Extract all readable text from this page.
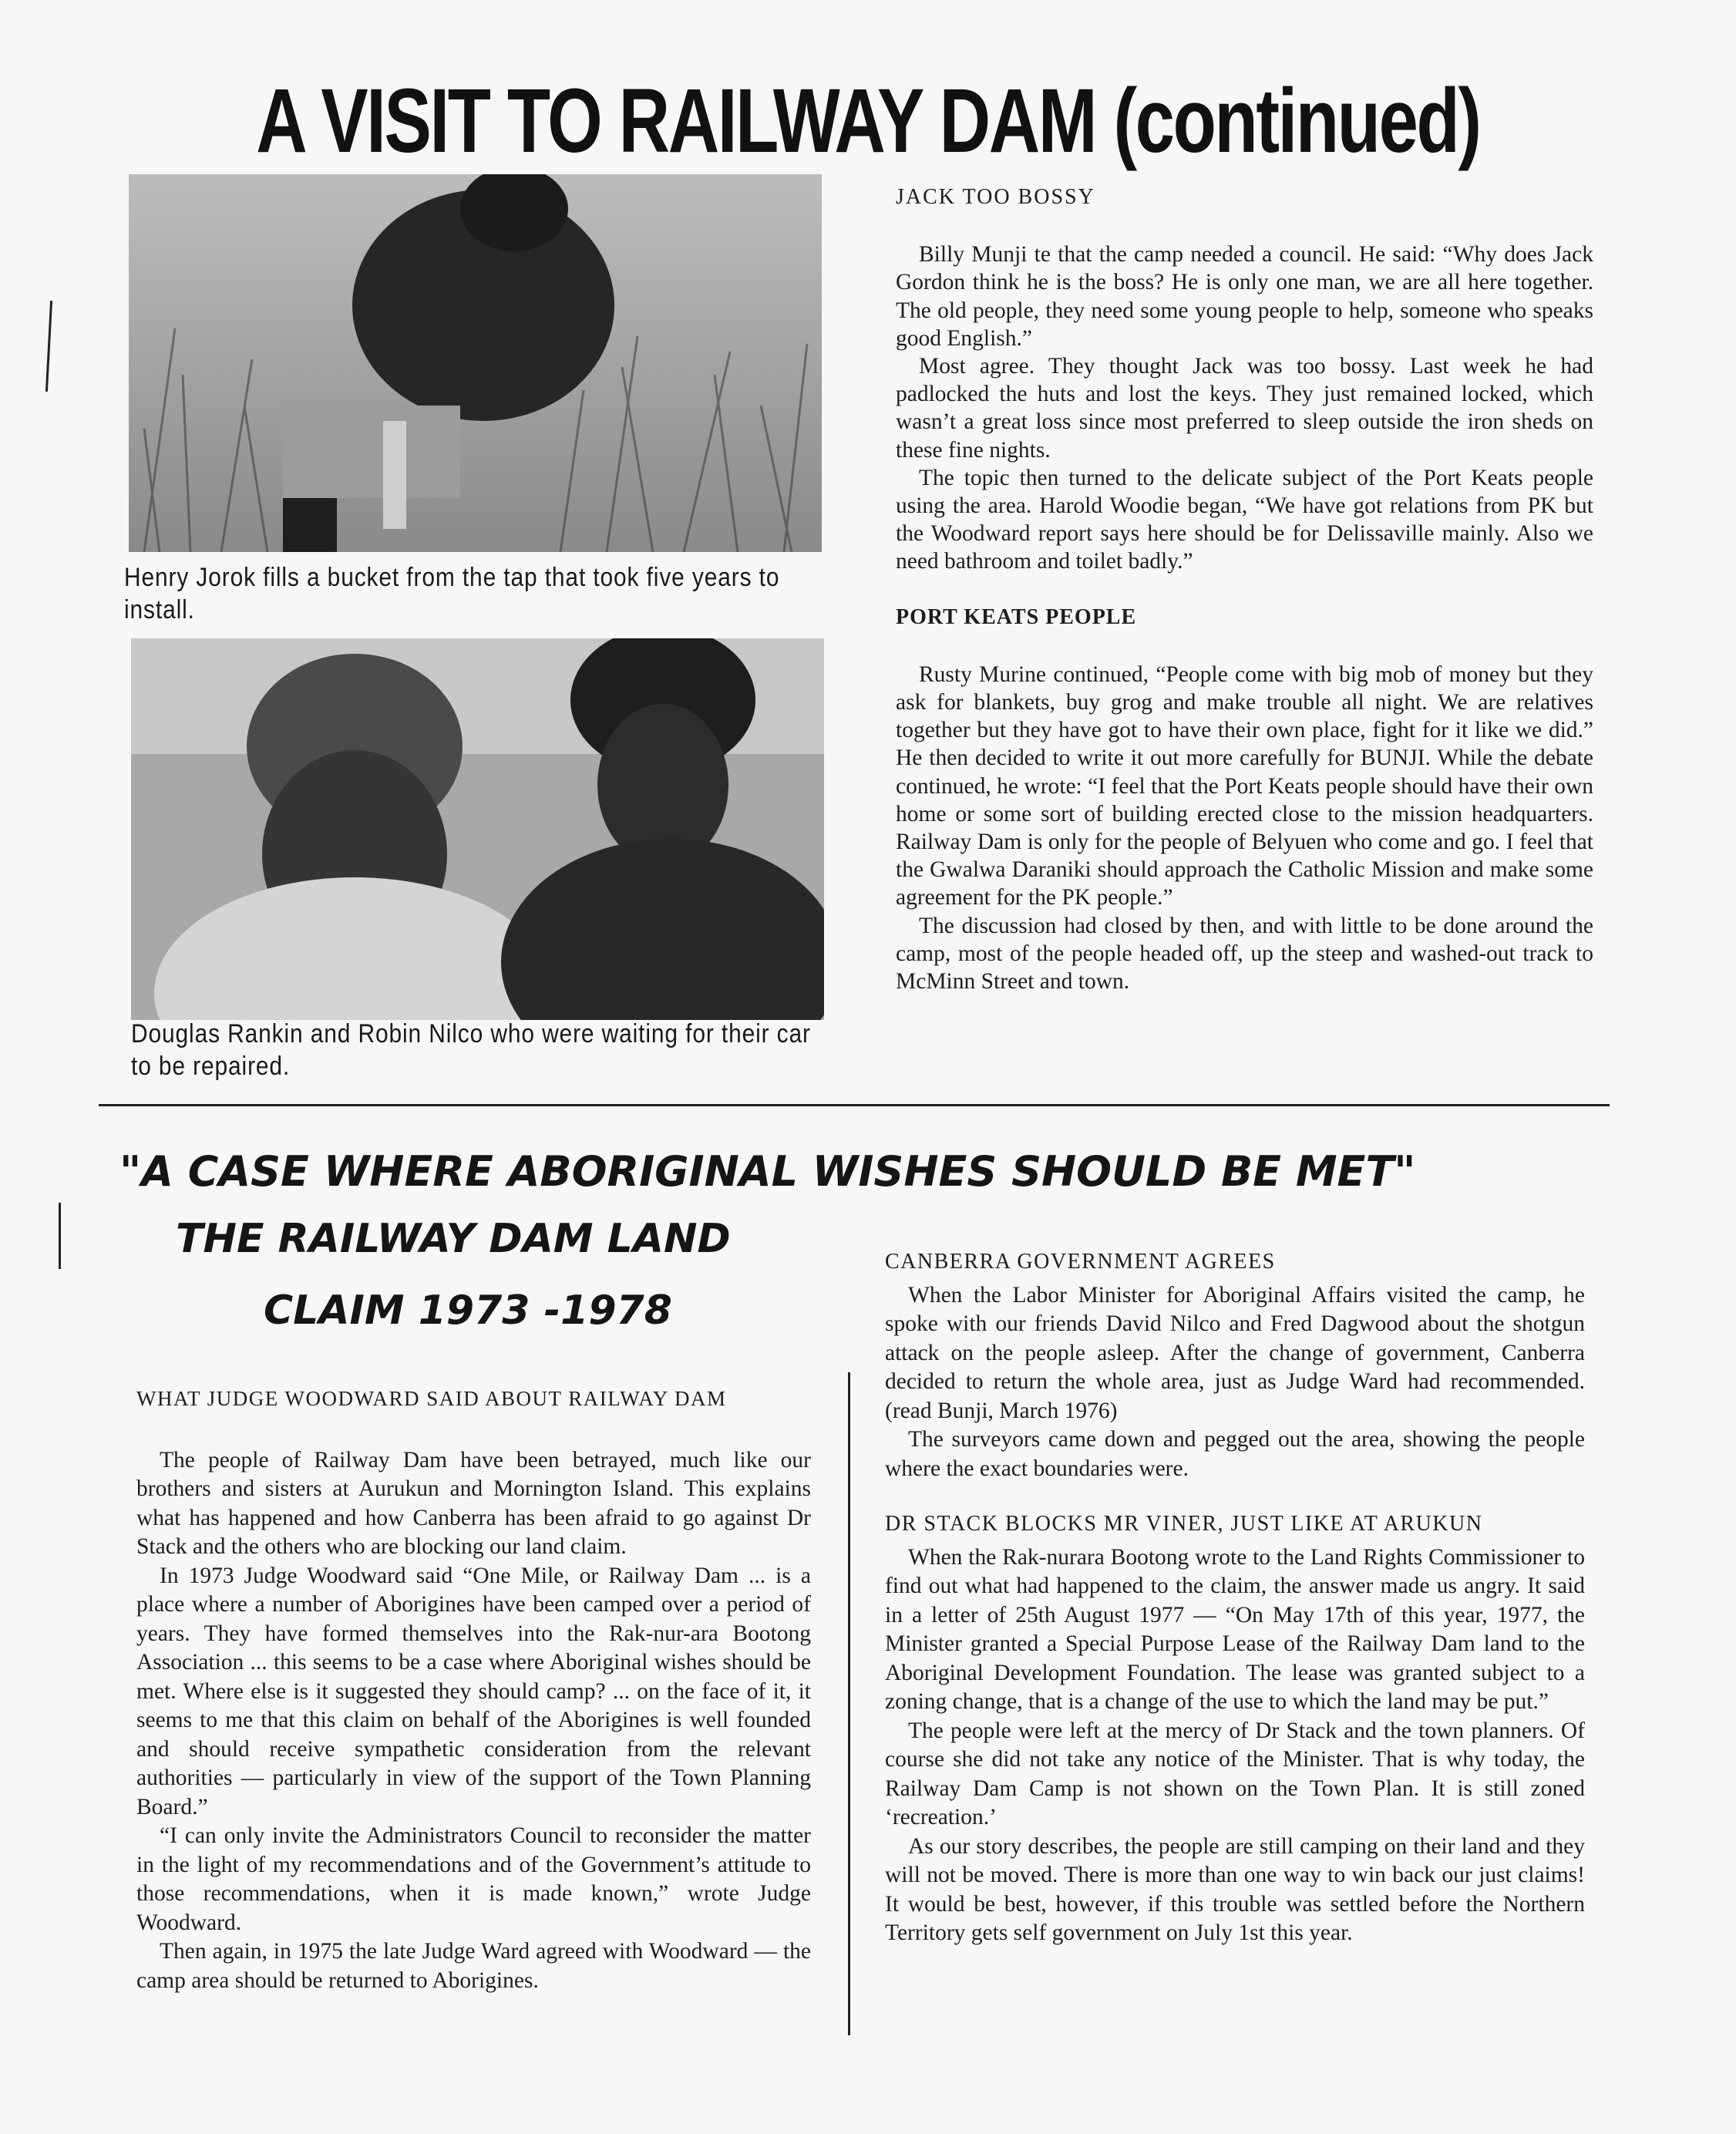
A VISIT TO RAILWAY DAM (continued)
Henry Jorok fills a bucket from the tap that took five years to install.
Douglas Rankin and Robin Nilco who were waiting for their car to be repaired.
JACK TOO BOSSY

Billy Munji te that the camp needed a council. He said: “Why does Jack Gordon think he is the boss? He is only one man, we are all here together. The old people, they need some young people to help, someone who speaks good English.”

Most agree. They thought Jack was too bossy. Last week he had padlocked the huts and lost the keys. They just remained locked, which wasn’t a great loss since most preferred to sleep outside the iron sheds on these fine nights.

The topic then turned to the delicate subject of the Port Keats people using the area. Harold Woodie began, “We have got relations from PK but the Woodward report says here should be for Delissaville mainly. Also we need bathroom and toilet badly.”

PORT KEATS PEOPLE

Rusty Murine continued, “People come with big mob of money but they ask for blankets, buy grog and make trouble all night. We are relatives together but they have got to have their own place, fight for it like we did.” He then decided to write it out more carefully for BUNJI. While the debate continued, he wrote: “I feel that the Port Keats people should have their own home or some sort of building erected close to the mission headquarters. Railway Dam is only for the people of Belyuen who come and go. I feel that the Gwalwa Daraniki should approach the Catholic Mission and make some agreement for the PK people.”

The discussion had closed by then, and with little to be done around the camp, most of the people headed off, up the steep and washed-out track to McMinn Street and town.

"A CASE WHERE ABORIGINAL WISHES SHOULD BE MET"
THE RAILWAY DAM LAND
CLAIM 1973 -1978
WHAT JUDGE WOODWARD SAID ABOUT RAILWAY DAM

The people of Railway Dam have been betrayed, much like our brothers and sisters at Aurukun and Mornington Island. This explains what has happened and how Canberra has been afraid to go against Dr Stack and the others who are blocking our land claim.

In 1973 Judge Woodward said “One Mile, or Railway Dam ... is a place where a number of Aborigines have been camped over a period of years. They have formed themselves into the Rak-nur-ara Bootong Association ... this seems to be a case where Aboriginal wishes should be met. Where else is it suggested they should camp? ... on the face of it, it seems to me that this claim on behalf of the Aborigines is well founded and should receive sympathetic consideration from the relevant authorities — particularly in view of the support of the Town Planning Board.”

“I can only invite the Administrators Council to reconsider the matter in the light of my recommendations and of the Government’s attitude to those recommendations, when it is made known,” wrote Judge Woodward.

Then again, in 1975 the late Judge Ward agreed with Woodward — the camp area should be returned to Aborigines.

CANBERRA GOVERNMENT AGREES

When the Labor Minister for Aboriginal Affairs visited the camp, he spoke with our friends David Nilco and Fred Dagwood about the shotgun attack on the people asleep. After the change of government, Canberra decided to return the whole area, just as Judge Ward had recommended. (read Bunji, March 1976)

The surveyors came down and pegged out the area, showing the people where the exact boundaries were.

DR STACK BLOCKS MR VINER, JUST LIKE AT ARUKUN

When the Rak-nurara Bootong wrote to the Land Rights Commissioner to find out what had happened to the claim, the answer made us angry. It said in a letter of 25th August 1977 — “On May 17th of this year, 1977, the Minister granted a Special Purpose Lease of the Railway Dam land to the Aboriginal Development Foundation. The lease was granted subject to a zoning change, that is a change of the use to which the land may be put.”

The people were left at the mercy of Dr Stack and the town planners. Of course she did not take any notice of the Minister. That is why today, the Railway Dam Camp is not shown on the Town Plan. It is still zoned ‘recreation.’

As our story describes, the people are still camping on their land and they will not be moved. There is more than one way to win back our just claims! It would be best, however, if this trouble was settled before the Northern Territory gets self government on July 1st this year.
